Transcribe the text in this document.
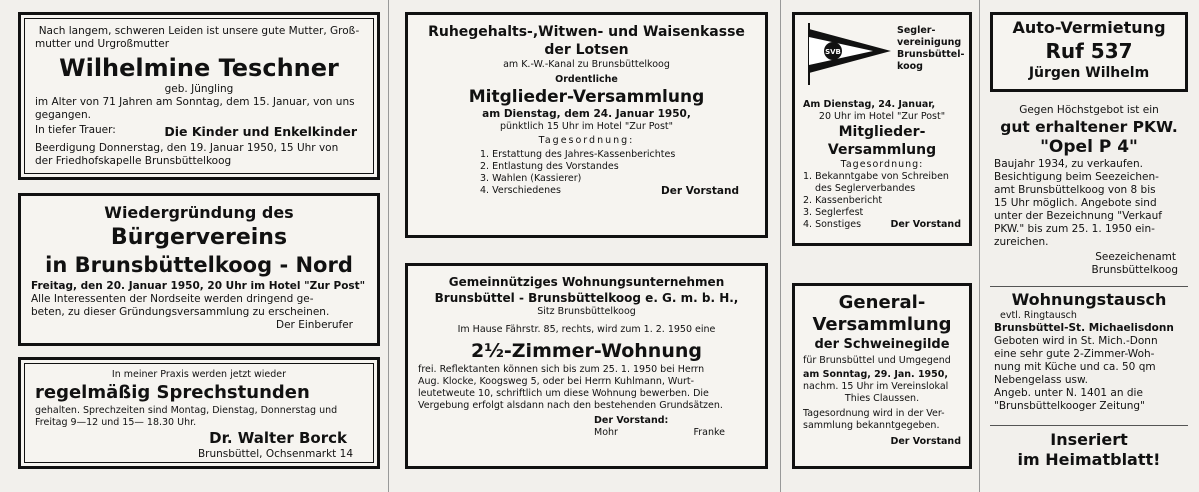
Nach langem, schweren Leiden ist unsere gute Mutter, Groß-
mutter und Urgroßmutter
Wilhelmine Teschner
geb. Jüngling
im Alter von 71 Jahren am Sonntag, dem 15. Januar, von uns
gegangen.
In tiefer Trauer:	Die Kinder und Enkelkinder
Beerdigung Donnerstag, den 19. Januar 1950, 15 Uhr von
der Friedhofskapelle Brunsbüttelkoog
Wiedergründung des
Bürgervereins
in Brunsbüttelkoog - Nord
Freitag, den 20. Januar 1950, 20 Uhr im Hotel "Zur Post"
Alle Interessenten der Nordseite werden dringend ge-
beten, zu dieser Gründungsversammlung zu erscheinen.
Der Einberufer
In meiner Praxis werden jetzt wieder
regelmäßig Sprechstunden
gehalten. Sprechzeiten sind Montag, Dienstag, Donnerstag und
Freitag 9—12 und 15— 18.30 Uhr.
Dr. Walter Borck
Brunsbüttel, Ochsenmarkt 14
Ruhegehalts-,Witwen- und Waisenkasse
der Lotsen
am K.-W.-Kanal zu Brunsbüttelkoog
Ordentliche
Mitglieder-Versammlung
am Dienstag, dem 24. Januar 1950,
pünktlich 15 Uhr im Hotel "Zur Post"
Tagesordnung:
1. Erstattung des Jahres-Kassenberichtes
2. Entlastung des Vorstandes
3. Wahlen (Kassierer)
4. Verschiedenes	Der Vorstand
Gemeinnütziges Wohnungsunternehmen
Brunsbüttel - Brunsbüttelkoog e. G. m. b. H.,
Sitz Brunsbüttelkoog
Im Hause Fährstr. 85, rechts, wird zum 1. 2. 1950 eine
2½-Zimmer-Wohnung
frei. Reflektanten können sich bis zum 25. 1. 1950 bei Herrn
Aug. Klocke, Koogsweg 5, oder bei Herrn Kuhlmann, Wurt-
leutetweute 10, schriftlich um diese Wohnung bewerben. Die
Vergebung erfolgt alsdann nach den bestehenden Grundsätzen.
Der Vorstand:
Mohr	Franke
SVB
Segler-
vereinigung
Brunsbüttel-
koog
Am Dienstag, 24. Januar,
20 Uhr im Hotel "Zur Post"
Mitglieder-
Versammlung
Tagesordnung:
1. Bekanntgabe von Schreiben
des Seglerverbandes
2. Kassenbericht
3. Seglerfest
4. Sonstiges	Der Vorstand
General-
Versammlung
der Schweinegilde
für Brunsbüttel und Umgegend
am Sonntag, 29. Jan. 1950,
nachm. 15 Uhr im Vereinslokal
Thies Claussen.
Tagesordnung wird in der Ver-
sammlung bekanntgegeben.
Der Vorstand
Auto-Vermietung
Ruf 537
Jürgen Wilhelm
Gegen Höchstgebot ist ein
gut erhaltener PKW.
"Opel P 4"
Baujahr 1934, zu verkaufen.
Besichtigung beim Seezeichen-
amt Brunsbüttelkoog von 8 bis
15 Uhr möglich. Angebote sind
unter der Bezeichnung "Verkauf
PKW." bis zum 25. 1. 1950 ein-
zureichen.
Seezeichenamt
Brunsbüttelkoog
Wohnungstausch
evtl. Ringtausch
Brunsbüttel-St. Michaelisdonn
Geboten wird in St. Mich.-Donn
eine sehr gute 2-Zimmer-Woh-
nung mit Küche und ca. 50 qm
Nebengelass usw.
Angeb. unter N. 1401 an die
"Brunsbüttelkooger Zeitung"
Inseriert
im Heimatblatt!
